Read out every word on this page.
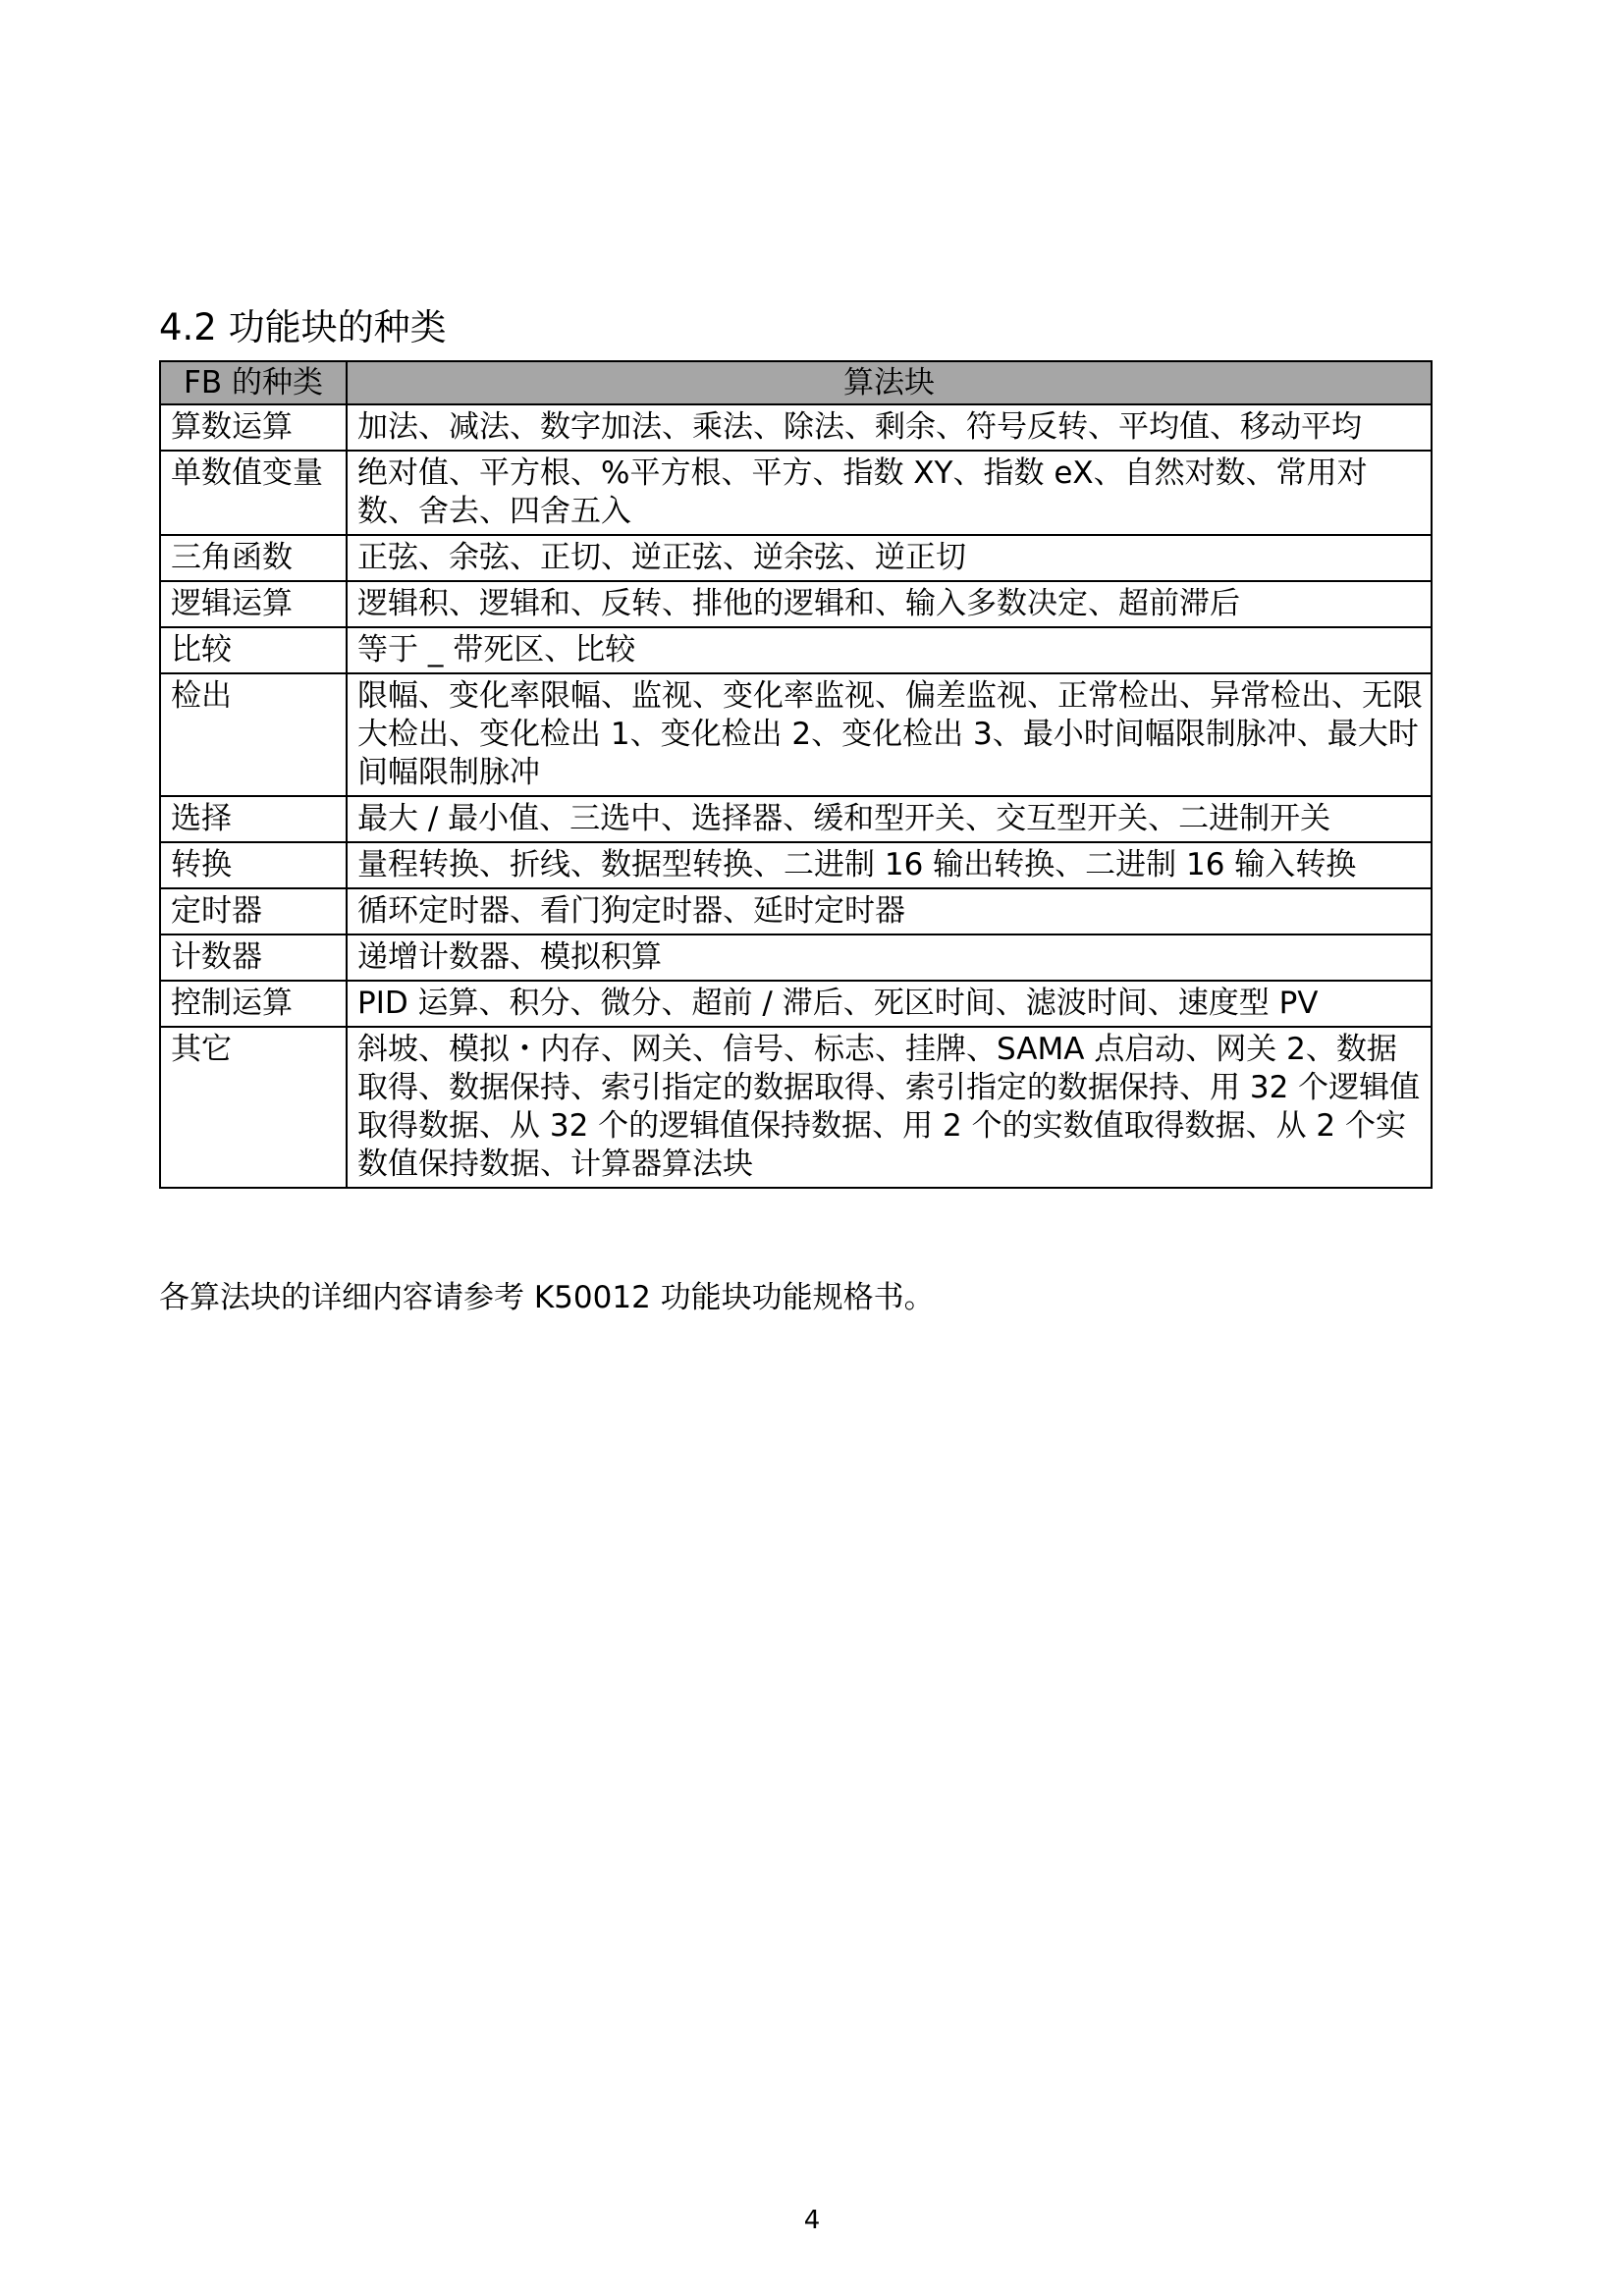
4.2 功能块的种类
FB 的种类	算法块
算数运算	加法、减法、数字加法、乘法、除法、剩余、符号反转、平均值、移动平均
单数值变量	绝对值、平方根、%平方根、平方、指数 XY、指数 eX、自然对数、常用对数、舍去、四舍五入
三角函数	正弦、余弦、正切、逆正弦、逆余弦、逆正切
逻辑运算	逻辑积、逻辑和、反转、排他的逻辑和、输入多数决定、超前滞后
比较	等于 _ 带死区、比较
检出	限幅、变化率限幅、监视、变化率监视、偏差监视、正常检出、异常检出、无限大检出、变化检出 1、变化检出 2、变化检出 3、最小时间幅限制脉冲、最大时间幅限制脉冲
选择	最大 / 最小值、三选中、选择器、缓和型开关、交互型开关、二进制开关
转换	量程转换、折线、数据型转换、二进制 16 输出转换、二进制 16 输入转换
定时器	循环定时器、看门狗定时器、延时定时器
计数器	递增计数器、模拟积算
控制运算	PID 运算、积分、微分、超前 / 滞后、死区时间、滤波时间、速度型 PV
其它	斜坡、模拟・内存、网关、信号、标志、挂牌、SAMA 点启动、网关 2、数据取得、数据保持、索引指定的数据取得、索引指定的数据保持、用 32 个逻辑值取得数据、从 32 个的逻辑值保持数据、用 2 个的实数值取得数据、从 2 个实数值保持数据、计算器算法块

各算法块的详细内容请参考 K50012 功能块功能规格书。

4
